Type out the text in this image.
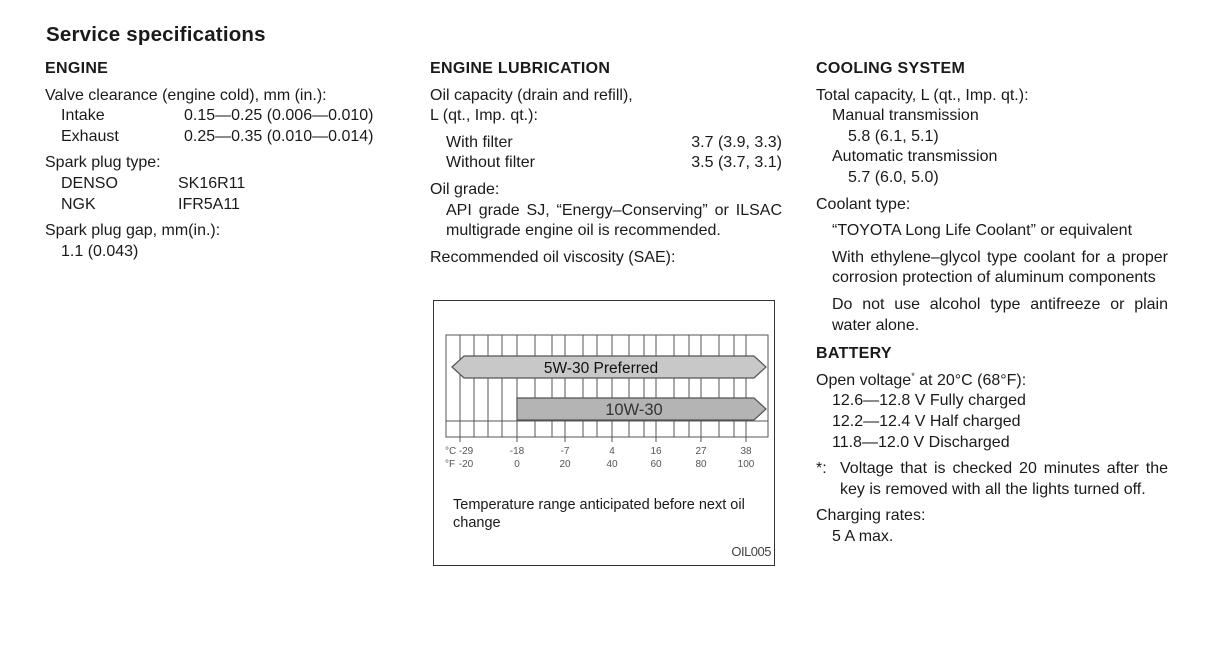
Service specifications
ENGINE
Valve clearance (engine cold), mm (in.):
Intake	0.15—0.25 (0.006—0.010)
Exhaust	0.25—0.35 (0.010—0.014)
Spark plug type:
DENSO	SK16R11
NGK	IFR5A11
Spark plug gap, mm(in.):
1.1 (0.043)
ENGINE LUBRICATION
Oil capacity (drain and refill),
L (qt., Imp. qt.):
With filter	3.7 (3.9, 3.3)
Without filter	3.5 (3.7, 3.1)
Oil grade:
API grade SJ, “Energy–Conserving” or ILSAC multigrade engine oil is recommended.
Recommended oil viscosity (SAE):
5W-30 Preferred
10W-30
°C
°F
-29	-18	-7	4	16	27	38
-20	0	20	40	60	80	100
Temperature range anticipated before next oil change
OIL005
COOLING SYSTEM
Total capacity, L (qt., Imp. qt.):
Manual transmission
5.8 (6.1, 5.1)
Automatic transmission
5.7 (6.0, 5.0)
Coolant type:
“TOYOTA Long Life Coolant” or equivalent
With ethylene–glycol type coolant for a proper corrosion protection of aluminum components
Do not use alcohol type antifreeze or plain water alone.
BATTERY
Open voltage* at 20°C (68°F):
12.6—12.8 V Fully charged
12.2—12.4 V Half charged
11.8—12.0 V Discharged
*: Voltage that is checked 20 minutes after the key is removed with all the lights turned off.
Charging rates:
5 A max.
